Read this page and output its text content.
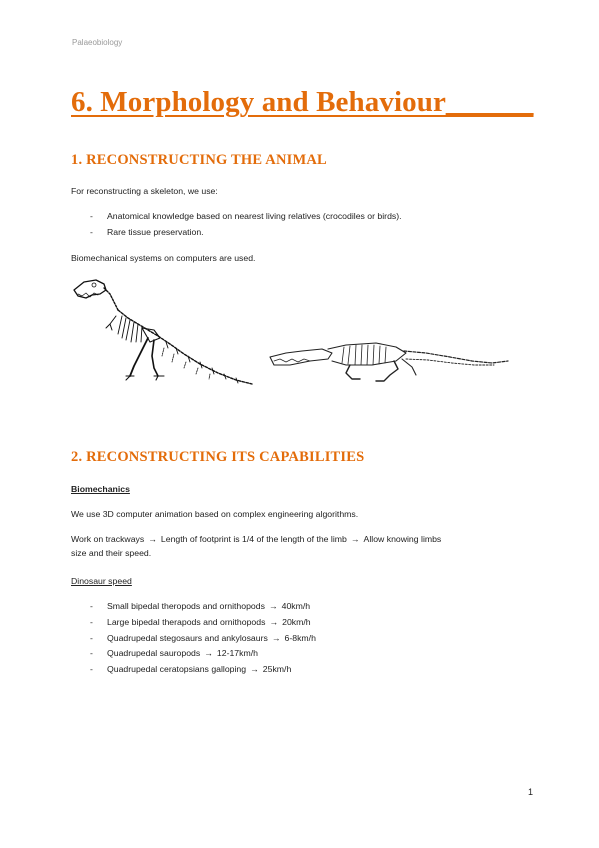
Palaeobiology
6. Morphology and Behaviour______
1. RECONSTRUCTING THE ANIMAL

For reconstructing a skeleton, we use:

- Anatomical knowledge based on nearest living relatives (crocodiles or birds).
- Rare tissue preservation.

Biomechanical systems on computers are used.

2. RECONSTRUCTING ITS CAPABILITIES

Biomechanics

We use 3D computer animation based on complex engineering algorithms.

Work on trackways → Length of footprint is 1/4 of the length of the limb → Allow knowing limbs
size and their speed.

Dinosaur speed

- Small bipedal theropods and ornithopods → 40km/h
- Large bipedal therapods and ornithopods → 20km/h
- Quadrupedal stegosaurs and ankylosaurs → 6-8km/h
- Quadrupedal sauropods → 12-17km/h
- Quadrupedal ceratopsians galloping → 25km/h
1
